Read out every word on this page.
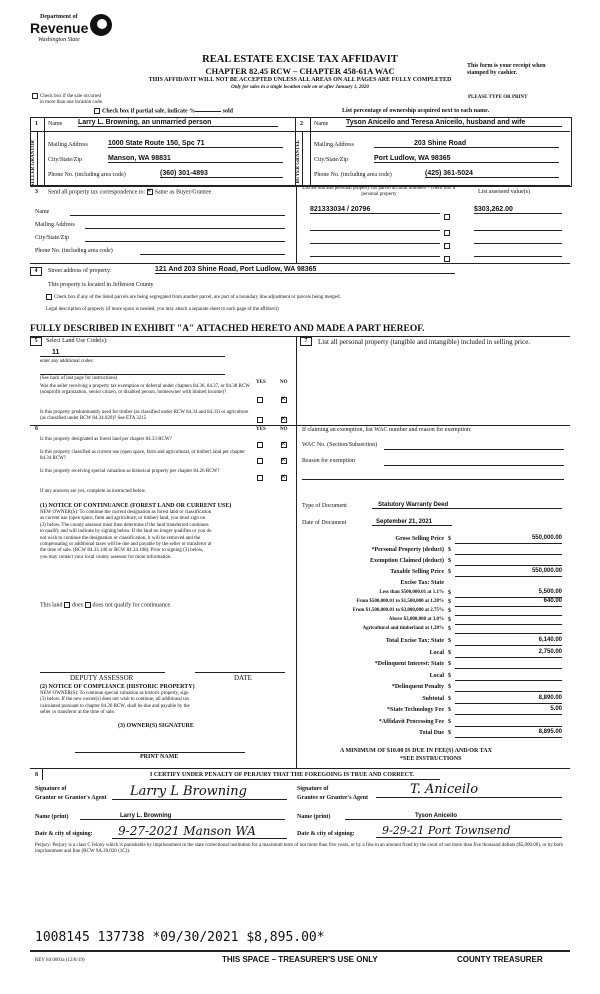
Department of
Revenue
Washington State
REAL ESTATE EXCISE TAX AFFIDAVIT
CHAPTER 82.45 RCW – CHAPTER 458-61A WAC
THIS AFFIDAVIT WILL NOT BE ACCEPTED UNLESS ALL AREAS ON ALL PAGES ARE FULLY COMPLETED
Only for sales in a single location code on or after January 1, 2020
This form is your receipt when
stamped by cashier.
PLEASE TYPE OR PRINT
Check box if the sale occurred
in more than one location code.
Check box if partial sale, indicate %	sold	List percentage of ownership acquired next to each name.
SELLER GRANTOR	BUYER GRANTEE
1	2
Name Larry L. Browning, an unmarried person
Mailing Address	1000 State Route 150, Spc 71
City/State/Zip	Manson, WA 98831
Phone No. (including area code)	(360) 301-4893
Name	Tyson Aniceilo and Teresa Aniceilo, husband and wife
Mailing Address	203 Shine Road
City/State/Zip	Port Ludlow, WA 98365
Phone No. (including area code)	(425) 361-5024
3 Send all property tax correspondence to: × Same as Buyer/Grantee
List all real and personal property tax parcel account numbers – check box if personal property	List assessed value(s)
Name
Mailing Address
City/State/Zip
Phone No. (including area code)
821333034 / 20796	$303,262.00
4	Street address of property:	121 And 203 Shine Road, Port Ludlow, WA 98365
This property is located in Jefferson County
Check box if any of the listed parcels are being segregated from another parcel, are part of a boundary line adjustment or parcels being merged.
Legal description of property (if more space is needed, you may attach a separate sheet to each page of the affidavit)
FULLY DESCRIBED IN EXHIBIT "A" ATTACHED HERETO AND MADE A PART HEREOF.
5	Select Land Use Code(s):
11
enter any additional codes:
(See back of last page for instructions)
YES	NO
Was the seller receiving a property tax exemption or deferral under chapters 84.36, 84.37, or 84.38 RCW (nonprofit organization, senior citizen, or disabled person, homeowner with limited income)?
×
Is this property predominantly used for timber (as classified under RCW 84.34 and 84.33) or agriculture (as classified under RCW 84.34.020)? See ETA 3215
×
7	List all personal property (tangible and intangible) included in selling price.
6	YES	NO
Is this property designated as forest land per chapter 84.33 RCW?
×
Is this property classified as current use (open space, farm and agricultural, or timber) land per chapter 84.34 RCW?
×
Is this property receiving special valuation as historical property per chapter 84.26 RCW?
×
If any answers are yes, complete as instructed below.
(1) NOTICE OF CONTINUANCE (FOREST LAND OR CURRENT USE)
NEW OWNER(S): To continue the current designation as forest land or classification
as current use (open space, farm and agriculture, or timber) land, you must sign on
(3) below. The county assessor must then determine if the land transferred continues
to qualify and will indicate by signing below. If the land no longer qualifies or you do
not wish to continue the designation or classification, it will be removed and the
compensating or additional taxes will be due and payable by the seller or transferor at
the time of sale. (RCW 84.33.140 or RCW 84.34.108). Prior to signing (3) below,
you may contact your local county assessor for more information.
This land does does not qualify for continuance.
DEPUTY ASSESSOR	DATE
(2) NOTICE OF COMPLIANCE (HISTORIC PROPERTY)
NEW OWNER(S): To continue special valuation as historic property, sign
(3) below. If the new owner(s) does not wish to continue, all additional tax
calculated pursuant to chapter 84.26 RCW, shall be due and payable by the
seller or transferor at the time of sale.
(3) OWNER(S) SIGNATURE
PRINT NAME
If claiming an exemption, list WAC number and reason for exemption:
WAC No. (Section/Subsection)
Reason for exemption
Type of Document	Statutory Warranty Deed
Date of Document	September 21, 2021
Gross Selling Price $	550,000.00
*Personal Property (deduct) $
Exemption Claimed (deduct) $
Taxable Selling Price $	550,000.00
Excise Tax: State
Less than $500,000.01 at 1.1% $	5,500.00
From $500,000.01 to $1,500,000 at 1.28% $	640.00
From $1,500,000.01 to $3,000,000 at 2.75% $
Above $3,000,000 at 3.0% $
Agricultural and timberland at 1.28% $
Total Excise Tax: State $	6,140.00
Local $	2,750.00
*Delinquent Interest: State $
Local $
*Delinquent Penalty $
Subtotal $	8,890.00
*State Technology Fee $	5.00
*Affidavit Processing Fee $
Total Due $	8,895.00
A MINIMUM OF $10.00 IS DUE IN FEE(S) AND/OR TAX
*SEE INSTRUCTIONS
8	I CERTIFY UNDER PENALTY OF PERJURY THAT THE FOREGOING IS TRUE AND CORRECT.
Signature of
Grantor or Grantor's Agent	Larry L Browning	Signature of
Grantee or Grantee's Agent
T. Aniceilo
Name (print)	Larry L. Browning	Name (print)	Tyson Aniceilo
Date & city of signing:	9-27-2021 Manson WA	Date & city of signing:	9-29-21 Port Townsend
Perjury: Perjury is a class C felony which is punishable by imprisonment in the state correctional institution for a maximum term of not more than five years, or by a fine in an amount fixed by the court of not more than five thousand dollars ($5,000.00), or by both imprisonment and fine (RCW 9A.20.020 (1C)).
1008145 137738 *09/30/2021 $8,895.00*
REV 84 0001a (12/6/19)	THIS SPACE – TREASURER'S USE ONLY	COUNTY TREASURER
